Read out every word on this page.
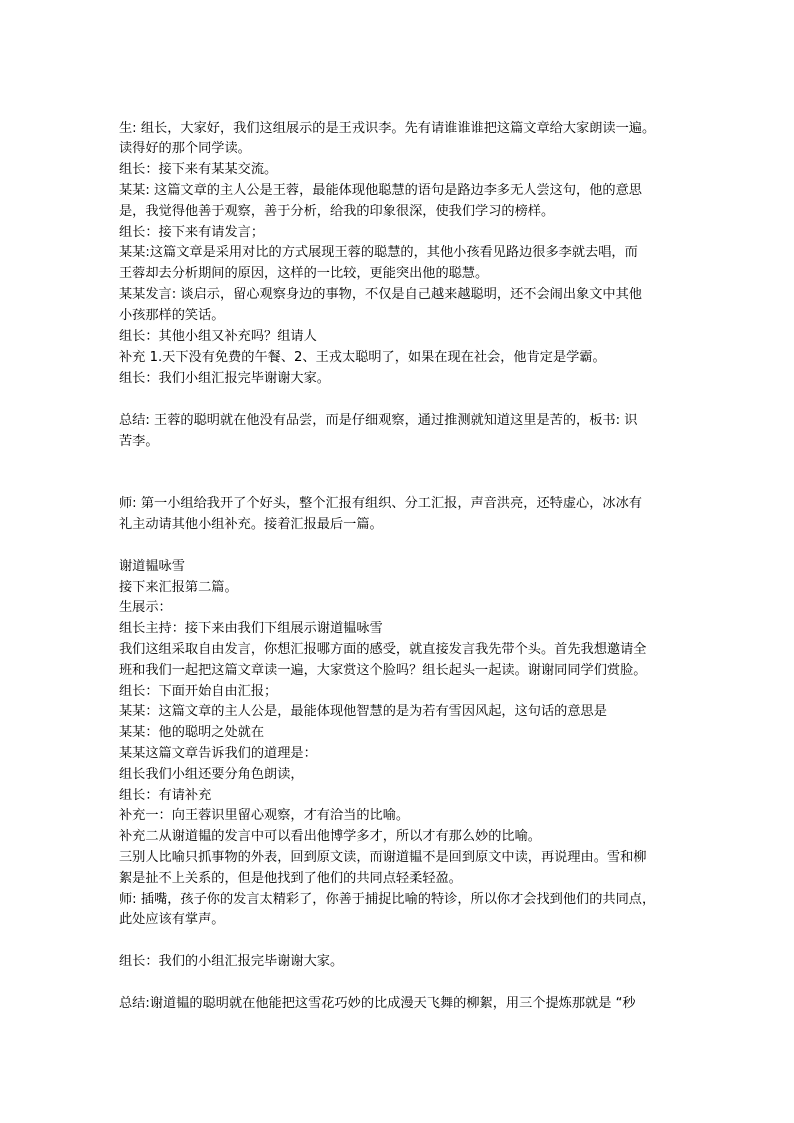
生: 组长，大家好，我们这组展示的是王戎识李。先有请谁谁谁把这篇文章给大家朗读一遍。
读得好的那个同学读。
组长：接下来有某某交流。
某某: 这篇文章的主人公是王蓉，最能体现他聪慧的语句是路边李多无人尝这句，他的意思
是，我觉得他善于观察，善于分析，给我的印象很深，使我们学习的榜样。
组长：接下来有请发言；
某某:这篇文章是采用对比的方式展现王蓉的聪慧的，其他小孩看见路边很多李就去唱，而
王蓉却去分析期间的原因，这样的一比较，更能突出他的聪慧。
某某发言: 谈启示，留心观察身边的事物，不仅是自己越来越聪明，还不会闹出象文中其他
小孩那样的笑话。
组长：其他小组又补充吗？组请人
补充 1.天下没有免费的午餐、2、王戎太聪明了，如果在现在社会，他肯定是学霸。
组长：我们小组汇报完毕谢谢大家。
总结: 王蓉的聪明就在他没有品尝，而是仔细观察，通过推测就知道这里是苦的，板书: 识
苦李。
师: 第一小组给我开了个好头，整个汇报有组织、分工汇报，声音洪亮，还特虚心，冰冰有
礼主动请其他小组补充。接着汇报最后一篇。
谢道韫咏雪
接下来汇报第二篇。
生展示：
组长主持：接下来由我们下组展示谢道韫咏雪
我们这组采取自由发言，你想汇报哪方面的感受，就直接发言我先带个头。首先我想邀请全
班和我们一起把这篇文章读一遍，大家赏这个脸吗？组长起头一起读。谢谢同同学们赏脸。
组长：下面开始自由汇报；
某某：这篇文章的主人公是，最能体现他智慧的是为若有雪因风起，这句话的意思是
某某：他的聪明之处就在
某某这篇文章告诉我们的道理是：
组长我们小组还要分角色朗读，
组长：有请补充
补充一：向王蓉识里留心观察，才有洽当的比喻。
补充二从谢道韫的发言中可以看出他博学多才，所以才有那么妙的比喻。
三别人比喻只抓事物的外表，回到原文读，而谢道韫不是回到原文中读，再说理由。雪和柳
絮是扯不上关系的，但是他找到了他们的共同点轻柔轻盈。
师: 插嘴，孩子你的发言太精彩了，你善于捕捉比喻的特诊，所以你才会找到他们的共同点，
此处应该有掌声。
组长：我们的小组汇报完毕谢谢大家。
总结:谢道韫的聪明就在他能把这雪花巧妙的比成漫天飞舞的柳絮，用三个提炼那就是 “秒
